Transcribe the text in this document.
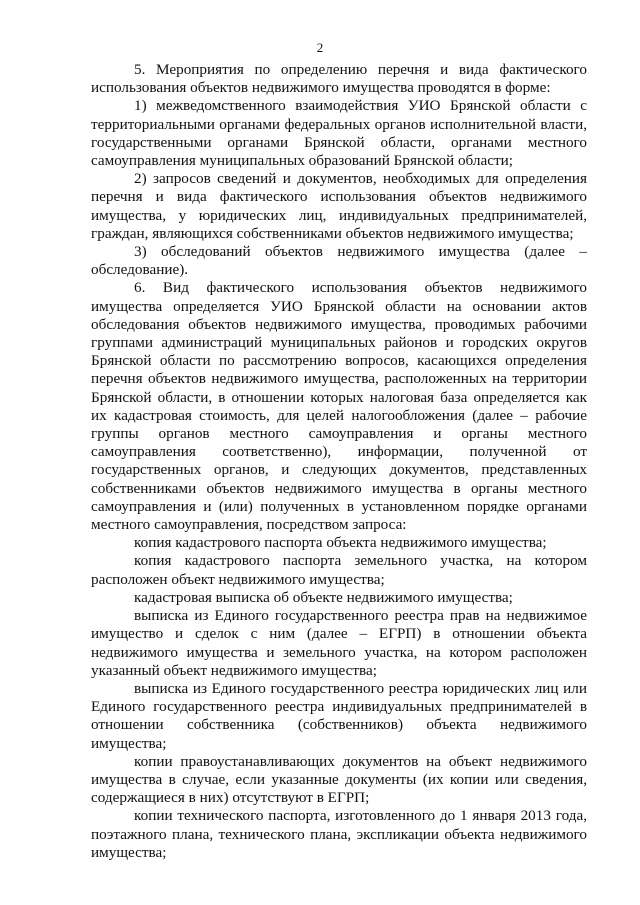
2

5. Мероприятия по определению перечня и вида фактического использования объектов недвижимого имущества проводятся в форме:

1) межведомственного взаимодействия УИО Брянской области с территориальными органами федеральных органов исполнительной власти, государственными органами Брянской области, органами местного самоуправления муниципальных образований Брянской области;

2) запросов сведений и документов, необходимых для определения перечня и вида фактического использования объектов недвижимого имущества, у юридических лиц, индивидуальных предпринимателей, граждан, являющихся собственниками объектов недвижимого имущества;

3) обследований объектов недвижимого имущества (далее – обследование).

6. Вид фактического использования объектов недвижимого имущества определяется УИО Брянской области на основании актов обследования объектов недвижимого имущества, проводимых рабочими группами администраций муниципальных районов и городских округов Брянской области по рассмотрению вопросов, касающихся определения перечня объектов недвижимого имущества, расположенных на территории Брянской области, в отношении которых налоговая база определяется как их кадастровая стоимость, для целей налогообложения (далее – рабочие группы органов местного самоуправления и органы местного самоуправления соответственно), информации, полученной от государственных органов, и следующих документов, представленных собственниками объектов недвижимого имущества в органы местного самоуправления и (или) полученных в установленном порядке органами местного самоуправления, посредством запроса:

копия кадастрового паспорта объекта недвижимого имущества;

копия кадастрового паспорта земельного участка, на котором расположен объект недвижимого имущества;

кадастровая выписка об объекте недвижимого имущества;

выписка из Единого государственного реестра прав на недвижимое имущество и сделок с ним (далее – ЕГРП) в отношении объекта недвижимого имущества и земельного участка, на котором расположен указанный объект недвижимого имущества;

выписка из Единого государственного реестра юридических лиц или Единого государственного реестра индивидуальных предпринимателей в отношении собственника (собственников) объекта недвижимого имущества;

копии правоустанавливающих документов на объект недвижимого имущества в случае, если указанные документы (их копии или сведения, содержащиеся в них) отсутствуют в ЕГРП;

копии технического паспорта, изготовленного до 1 января 2013 года, поэтажного плана, технического плана, экспликации объекта недвижимого имущества;
